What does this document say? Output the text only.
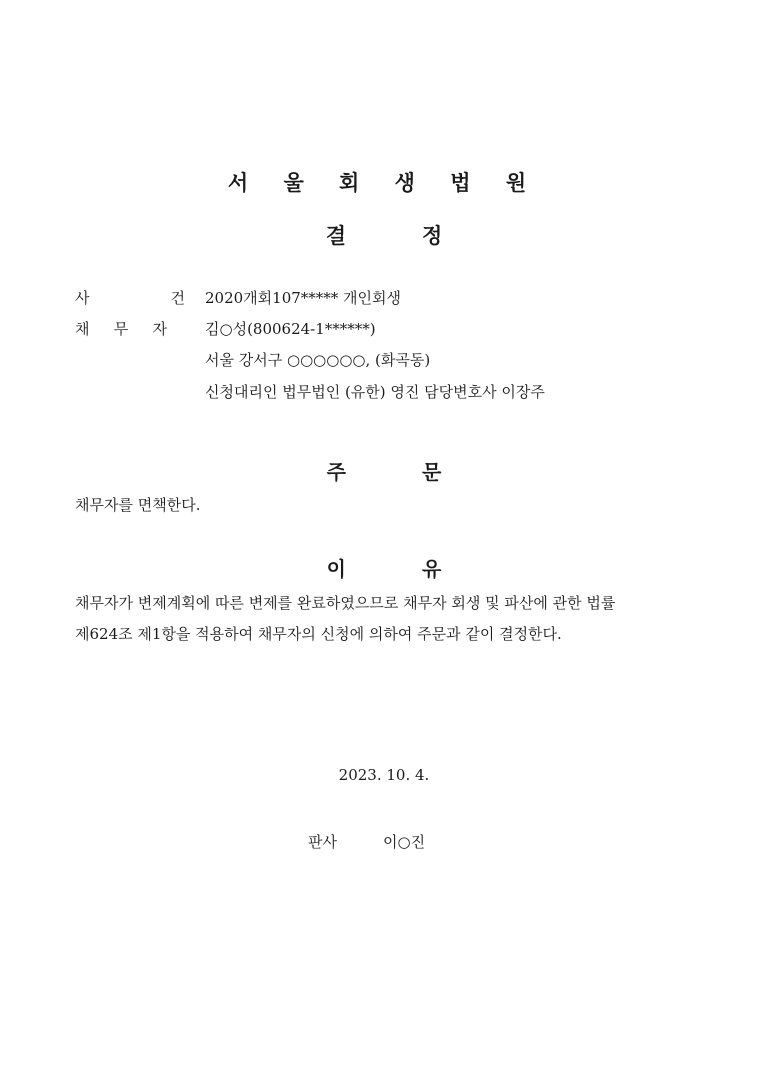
서 울 회 생 법 원
결	정
사	건 2020개회107***** 개인회생
채 무 자	김○성(800624-1******)
서울 강서구 ○○○○○○, (화곡동)
신청대리인 법무법인 (유한) 영진 담당변호사 이장주
주	문
채무자를 면책한다.
이	유
채무자가 변제계획에 따른 변제를 완료하였으므로 채무자 회생 및 파산에 관한 법률
제624조 제1항을 적용하여 채무자의 신청에 의하여 주문과 같이 결정한다.
2023. 10. 4.
판사	이○진
